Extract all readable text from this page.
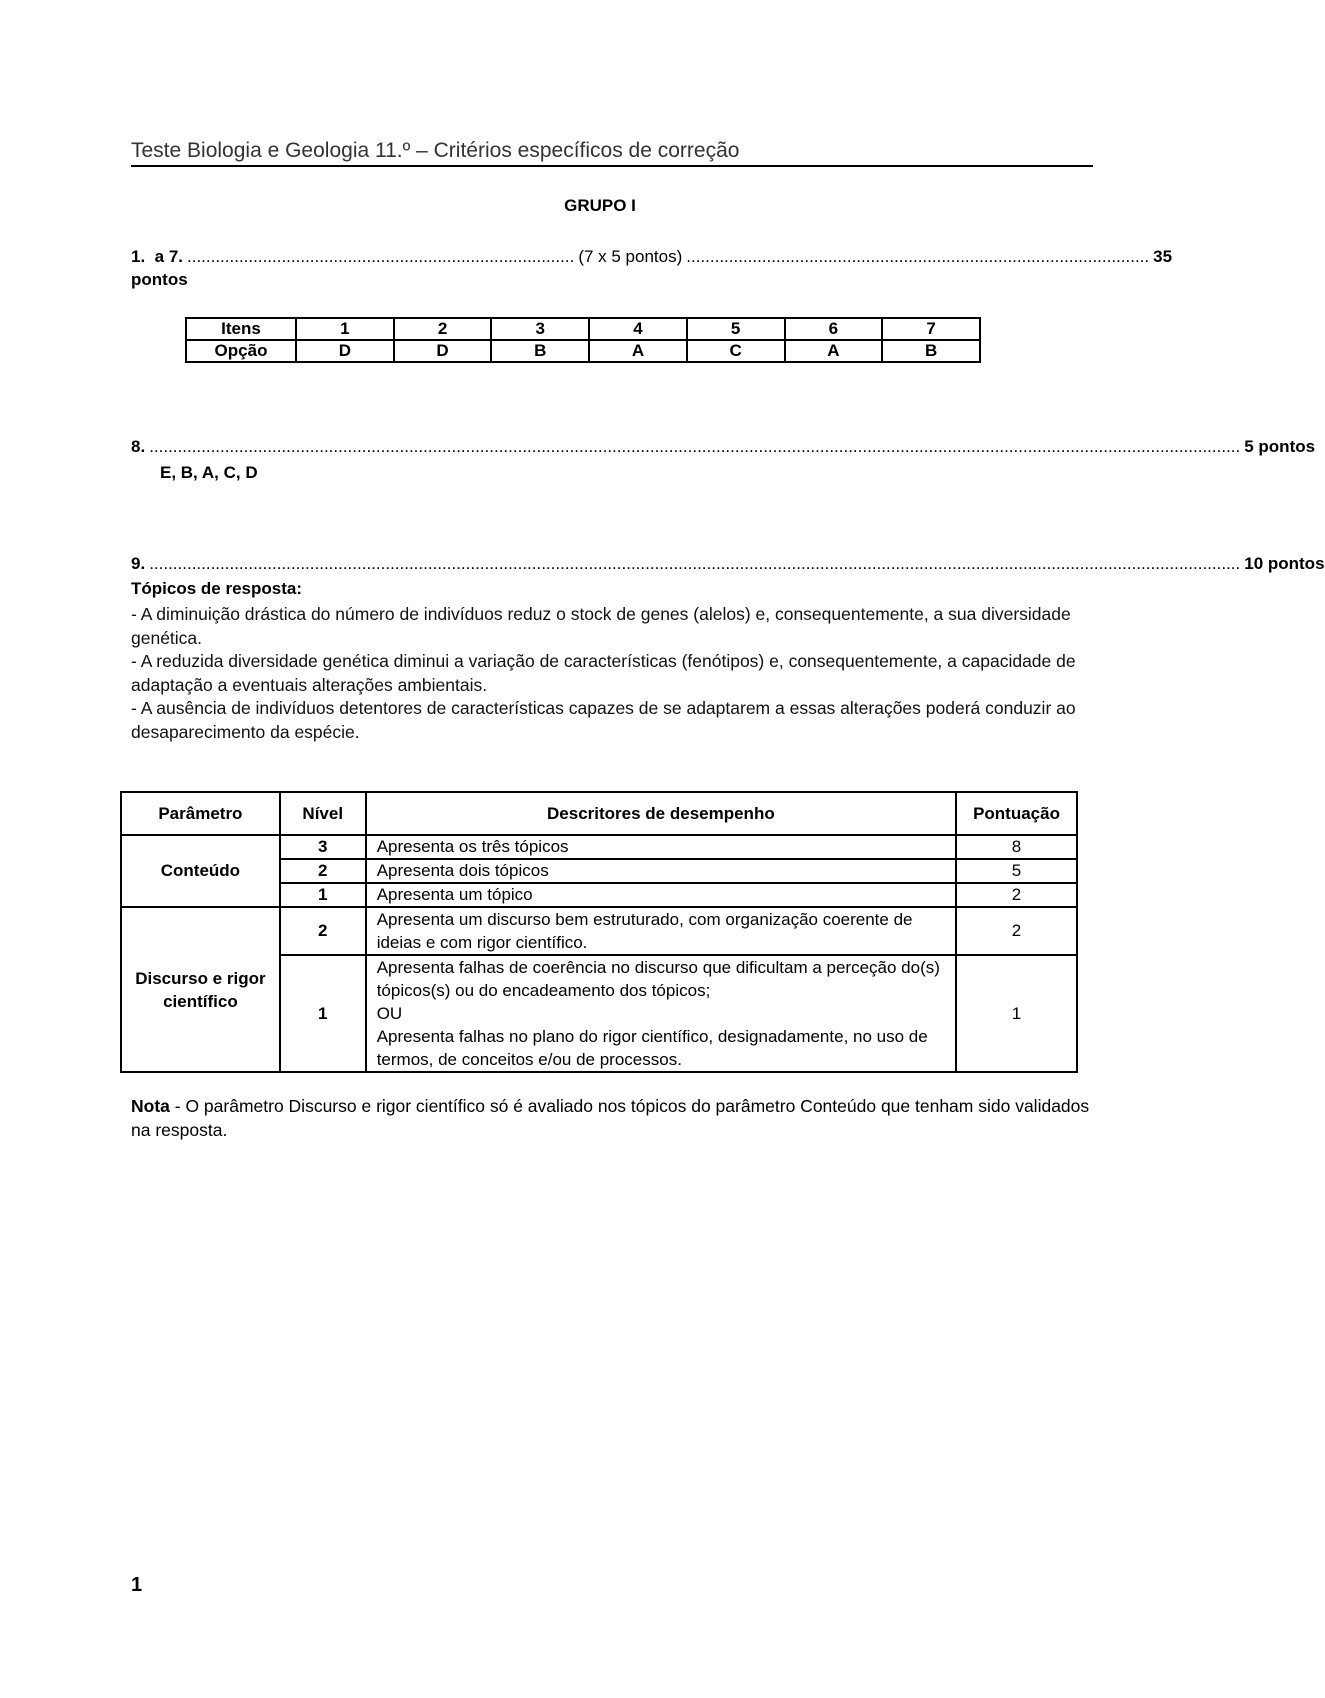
Teste Biologia e Geologia 11.º – Critérios específicos de correção
GRUPO I
1.
a 7. .................................................................................. (7 x 5 pontos) .................................................................................................. 35
pontos
Itens	1	2	3	4	5	6	7
Opção	D	D	B	A	C	A	B
8. ....................................................................................................................................................................................................................................... 5 pontos
E, B, A, C, D
9. ....................................................................................................................................................................................................................................... 10 pontos
Tópicos de resposta:

- A diminuição drástica do número de indivíduos reduz o stock de genes (alelos) e, consequentemente, a sua diversidade genética.

- A reduzida diversidade genética diminui a variação de características (fenótipos) e, consequentemente, a capacidade de adaptação a eventuais alterações ambientais.

- A ausência de indivíduos detentores de características capazes de se adaptarem a essas alterações poderá conduzir ao desaparecimento da espécie.

Parâmetro	Nível	Descritores de desempenho	Pontuação
Conteúdo	3	Apresenta os três tópicos	8
	2	Apresenta dois tópicos	5
	1	Apresenta um tópico	2
Discurso e rigor científico	2	Apresenta um discurso bem estruturado, com organização coerente de ideias e com rigor científico.	2
	1	Apresenta falhas de coerência no discurso que dificultam a perceção do(s) tópicos(s) ou do encadeamento dos tópicos;
OU
Apresenta falhas no plano do rigor científico, designadamente, no uso de termos, de conceitos e/ou de processos.	1
Nota - O parâmetro Discurso e rigor científico só é avaliado nos tópicos do parâmetro Conteúdo que tenham sido validados na resposta.
1
